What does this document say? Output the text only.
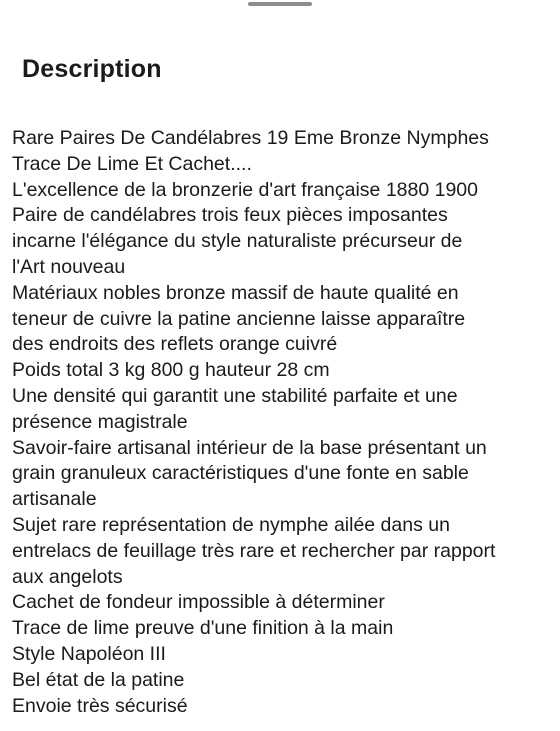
Description
Rare Paires De Candélabres 19 Eme Bronze Nymphes
Trace De Lime Et Cachet....
L'excellence de la bronzerie d'art française 1880 1900
Paire de candélabres trois feux pièces imposantes
incarne l'élégance du style naturaliste précurseur de
l'Art nouveau
Matériaux nobles bronze massif de haute qualité en
teneur de cuivre la patine ancienne laisse apparaître
des endroits des reflets orange cuivré
Poids total 3 kg 800 g hauteur 28 cm
Une densité qui garantit une stabilité parfaite et une
présence magistrale
Savoir-faire artisanal intérieur de la base présentant un
grain granuleux caractéristiques d'une fonte en sable
artisanale
Sujet rare représentation de nymphe ailée dans un
entrelacs de feuillage très rare et rechercher par rapport
aux angelots
Cachet de fondeur impossible à déterminer
Trace de lime preuve d'une finition à la main
Style Napoléon III
Bel état de la patine
Envoie très sécurisé
